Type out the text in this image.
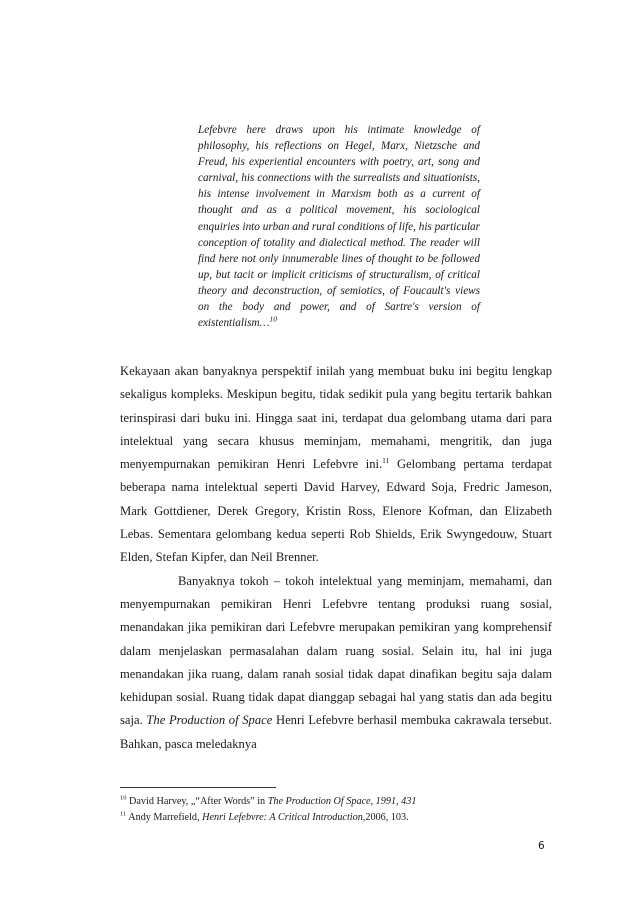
Lefebvre here draws upon his intimate knowledge of philosophy, his reflections on Hegel, Marx, Nietzsche and Freud, his experiential encounters with poetry, art, song and carnival, his connections with the surrealists and situationists, his intense involvement in Marxism both as a current of thought and as a political movement, his sociological enquiries into urban and rural conditions of life, his particular conception of totality and dialectical method. The reader will find here not only innumerable lines of thought to be followed up, but tacit or implicit criticisms of structuralism, of critical theory and deconstruction, of semiotics, of Foucault's views on the body and power, and of Sartre's version of existentialism…$^{10}$

Kekayaan akan banyaknya perspektif inilah yang membuat buku ini begitu lengkap sekaligus kompleks. Meskipun begitu, tidak sedikit pula yang begitu tertarik bahkan terinspirasi dari buku ini. Hingga saat ini, terdapat dua gelombang utama dari para intelektual yang secara khusus meminjam, memahami, mengritik, dan juga menyempurnakan pemikiran Henri Lefebvre ini.$^{11}$ Gelombang pertama terdapat beberapa nama intelektual seperti David Harvey, Edward Soja, Fredric Jameson, Mark Gottdiener, Derek Gregory, Kristin Ross, Elenore Kofman, dan Elizabeth Lebas. Sementara gelombang kedua seperti Rob Shields, Erik Swyngedouw, Stuart Elden, Stefan Kipfer, dan Neil Brenner.

Banyaknya tokoh – tokoh intelektual yang meminjam, memahami, dan menyempurnakan pemikiran Henri Lefebvre tentang produksi ruang sosial, menandakan jika pemikiran dari Lefebvre merupakan pemikiran yang komprehensif dalam menjelaskan permasalahan dalam ruang sosial. Selain itu, hal ini juga menandakan jika ruang, dalam ranah sosial tidak dapat dinafikan begitu saja dalam kehidupan sosial. Ruang tidak dapat dianggap sebagai hal yang statis dan ada begitu saja. The Production of Space Henri Lefebvre berhasil membuka cakrawala tersebut. Bahkan, pasca meledaknya

$^{10}$ David Harvey, „“After Words” in The Production Of Space, 1991, 431
$^{11}$ Andy Marrefield, Henri Lefebvre: A Critical Introduction,2006, 103.
6
